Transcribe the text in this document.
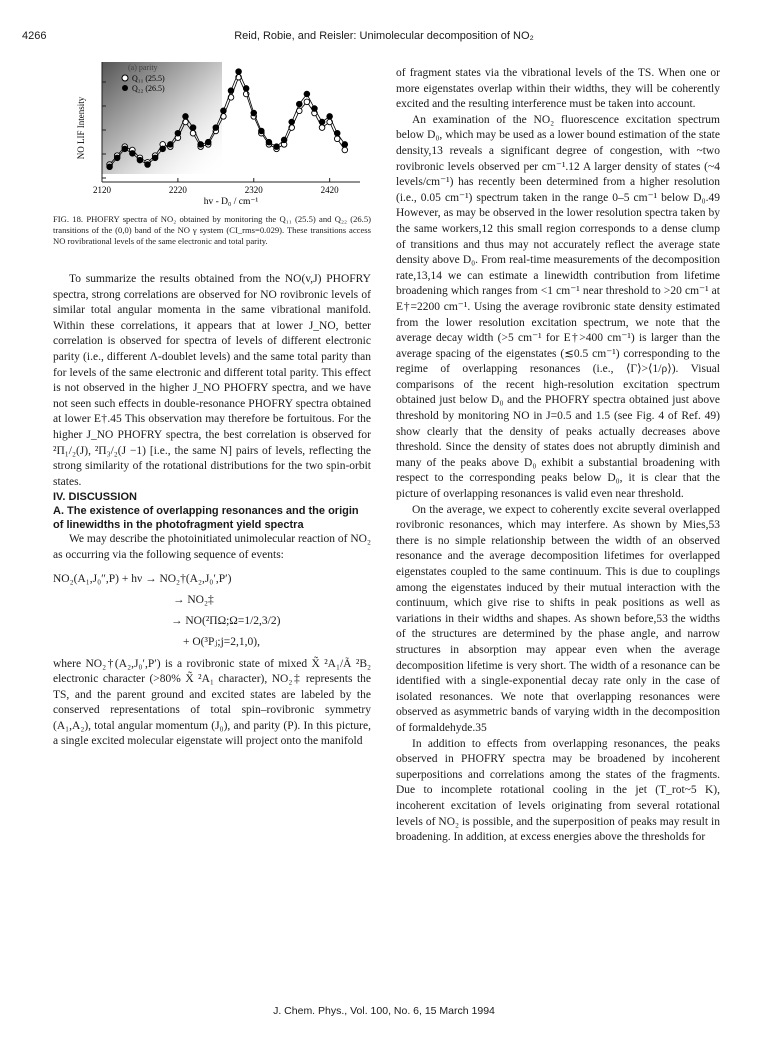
4266	Reid, Robie, and Reisler: Unimolecular decomposition of NO₂
2120	2220	2320	2420
NO LIF Intensity
hv - D₀ / cm⁻¹
(a) parity
Q₁₁ (25.5)
Q₂₂ (26.5)
FIG. 18. PHOFRY spectra of NO₂ obtained by monitoring the Q₁₁ (25.5) and Q₂₂ (26.5) transitions of the (0,0) band of the NO γ system (CI_rms=0.029). These transitions access NO rovibrational levels of the same electronic and total parity.

To summarize the results obtained from the NO(v,J) PHOFRY spectra, strong correlations are observed for NO rovibronic levels of similar total angular momenta in the same vibrational manifold. Within these correlations, it appears that at lower J_NO, better correlation is observed for spectra of levels of different electronic parity (i.e., different Λ-doublet levels) and the same total parity than for levels of the same electronic and different total parity. This effect is not observed in the higher J_NO PHOFRY spectra, and we have not seen such effects in double-resonance PHOFRY spectra obtained at lower E†.45 This observation may therefore be fortuitous. For the higher J_NO PHOFRY spectra, the best correlation is observed for ²Π₁/₂(J), ²Π₃/₂(J −1) [i.e., the same N] pairs of levels, reflecting the strong similarity of the rotational distributions for the two spin-orbit states.

IV. DISCUSSION

A. The existence of overlapping resonances and the origin of linewidths in the photofragment yield spectra

We may describe the photoinitiated unimolecular reaction of NO₂ as occurring via the following sequence of events:

NO₂(A₁,J₀″,P) + hν → NO₂†(A₂,J₀′,P′)
→ NO₂‡
→ NO(²ΠΩ;Ω=1/2,3/2)
+ O(³Pⱼ;j=2,1,0),

where NO₂†(A₂,J₀′,P′) is a rovibronic state of mixed X̃ ²A₁/Ã ²B₂ electronic character (>80% X̃ ²A₁ character), NO₂‡ represents the TS, and the parent ground and excited states are labeled by the conserved representations of total spin–rovibronic symmetry (A₁,A₂), total angular momentum (J₀), and parity (P). In this picture, a single excited molecular eigenstate will project onto the manifold

of fragment states via the vibrational levels of the TS. When one or more eigenstates overlap within their widths, they will be coherently excited and the resulting interference must be taken into account.

An examination of the NO₂ fluorescence excitation spectrum below D₀, which may be used as a lower bound estimation of the state density,13 reveals a significant degree of congestion, with ~two rovibronic levels observed per cm⁻¹.12 A larger density of states (~4 levels/cm⁻¹) has recently been determined from a higher resolution (i.e., 0.05 cm⁻¹) spectrum taken in the range 0–5 cm⁻¹ below D₀.49 However, as may be observed in the lower resolution spectra taken by the same workers,12 this small region corresponds to a dense clump of transitions and thus may not accurately reflect the average state density above D₀. From real-time measurements of the decomposition rate,13,14 we can estimate a linewidth contribution from lifetime broadening which ranges from <1 cm⁻¹ near threshold to >20 cm⁻¹ at E†=2200 cm⁻¹. Using the average rovibronic state density estimated from the lower resolution excitation spectrum, we note that the average decay width (>5 cm⁻¹ for E†>400 cm⁻¹) is larger than the average spacing of the eigenstates (≲0.5 cm⁻¹) corresponding to the regime of overlapping resonances (i.e., ⟨Γ⟩>⟨1/ρ⟩). Visual comparisons of the recent high-resolution excitation spectrum obtained just below D₀ and the PHOFRY spectra obtained just above threshold by monitoring NO in J=0.5 and 1.5 (see Fig. 4 of Ref. 49) show clearly that the density of peaks actually decreases above threshold. Since the density of states does not abruptly diminish and many of the peaks above D₀ exhibit a substantial broadening with respect to the corresponding peaks below D₀, it is clear that the picture of overlapping resonances is valid even near threshold.

On the average, we expect to coherently excite several overlapped rovibronic resonances, which may interfere. As shown by Mies,53 there is no simple relationship between the width of an observed resonance and the average decomposition lifetimes for overlapped eigenstates coupled to the same continuum. This is due to couplings among the eigenstates induced by their mutual interaction with the continuum, which give rise to shifts in peak positions as well as variations in their widths and shapes. As shown before,53 the widths of the structures are determined by the phase angle, and narrow structures in absorption may appear even when the average decomposition lifetime is very short. The width of a resonance can be identified with a single-exponential decay rate only in the case of isolated resonances. We note that overlapping resonances were observed as asymmetric bands of varying width in the decomposition of formaldehyde.35

In addition to effects from overlapping resonances, the peaks observed in PHOFRY spectra may be broadened by incoherent superpositions and correlations among the states of the fragments. Due to incomplete rotational cooling in the jet (T_rot~5 K), incoherent excitation of levels originating from several rotational levels of NO₂ is possible, and the superposition of peaks may result in broadening. In addition, at excess energies above the thresholds for

J. Chem. Phys., Vol. 100, No. 6, 15 March 1994
